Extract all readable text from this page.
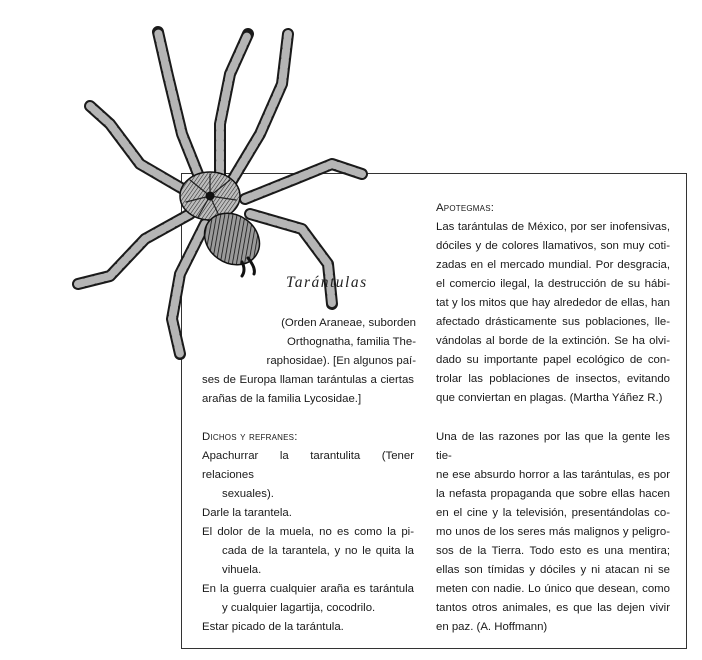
Tarántulas
(Orden Araneae, suborden
Orthognatha, familia The-
raphosidae). [En algunos paí-
ses de Europa llaman tarántulas a ciertas
arañas de la familia Lycosidae.]
Dichos y refranes:
Apachurrar la tarantulita (Tener relaciones
sexuales).
Darle la tarantela.
El dolor de la muela, no es como la pi-
cada de la tarantela, y no le quita la
vihuela.
En la guerra cualquier araña es tarántula
y cualquier lagartija, cocodrilo.
Estar picado de la tarántula.
Apotegmas:
Las tarántulas de México, por ser inofensivas,
dóciles y de colores llamativos, son muy coti-
zadas en el mercado mundial. Por desgracia,
el comercio ilegal, la destrucción de su hábi-
tat y los mitos que hay alrededor de ellas, han
afectado drásticamente sus poblaciones, lle-
vándolas al borde de la extinción. Se ha olvi-
dado su importante papel ecológico de con-
trolar las poblaciones de insectos, evitando
que conviertan en plagas. (Martha Yáñez R.)
Una de las razones por las que la gente les tie-
ne ese absurdo horror a las tarántulas, es por
la nefasta propaganda que sobre ellas hacen
en el cine y la televisión, presentándolas co-
mo unos de los seres más malignos y peligro-
sos de la Tierra. Todo esto es una mentira;
ellas son tímidas y dóciles y ni atacan ni se
meten con nadie. Lo único que desean, como
tantos otros animales, es que las dejen vivir
en paz. (A. Hoffmann)
